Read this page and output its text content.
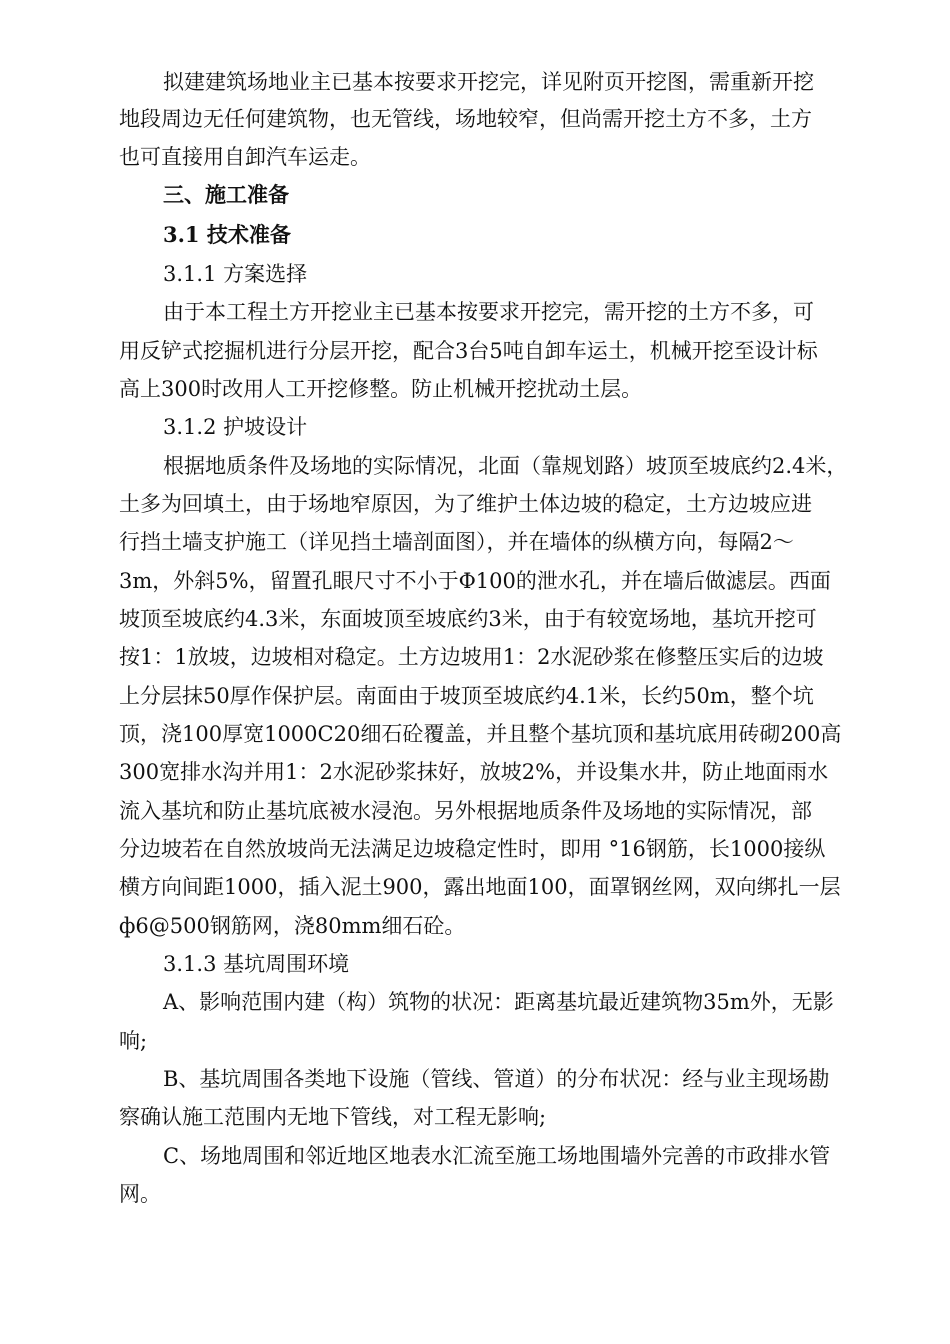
拟建建筑场地业主已基本按要求开挖完，详见附页开挖图，需重新开挖
地段周边无任何建筑物，也无管线，场地较窄，但尚需开挖土方不多，土方
也可直接用自卸汽车运走。
三、施工准备
3.1 技术准备
3.1.1 方案选择
由于本工程土方开挖业主已基本按要求开挖完，需开挖的土方不多，可
用反铲式挖掘机进行分层开挖，配合3台5吨自卸车运土，机械开挖至设计标
高上300时改用人工开挖修整。防止机械开挖扰动土层。
3.1.2 护坡设计
根据地质条件及场地的实际情况，北面（靠规划路）坡顶至坡底约2.4米，
土多为回填土，由于场地窄原因，为了维护土体边坡的稳定，土方边坡应进
行挡土墙支护施工（详见挡土墙剖面图），并在墙体的纵横方向，每隔2～
3m，外斜5%，留置孔眼尺寸不小于Φ100的泄水孔，并在墙后做滤层。西面
坡顶至坡底约4.3米，东面坡顶至坡底约3米，由于有较宽场地，基坑开挖可
按1：1放坡，边坡相对稳定。土方边坡用1：2水泥砂浆在修整压实后的边坡
上分层抹50厚作保护层。南面由于坡顶至坡底约4.1米，长约50m，整个坑
顶，浇100厚宽1000C20细石砼覆盖，并且整个基坑顶和基坑底用砖砌200高
300宽排水沟并用1：2水泥砂浆抹好，放坡2%，并设集水井，防止地面雨水
流入基坑和防止基坑底被水浸泡。另外根据地质条件及场地的实际情况，部
分边坡若在自然放坡尚无法满足边坡稳定性时，即用 °16钢筋，长1000接纵
横方向间距1000，插入泥土900，露出地面100，面罩钢丝网，双向绑扎一层
ф6@500钢筋网，浇80mm细石砼。
3.1.3 基坑周围环境
A、影响范围内建（构）筑物的状况：距离基坑最近建筑物35m外，无影
响;
B、基坑周围各类地下设施（管线、管道）的分布状况：经与业主现场勘
察确认施工范围内无地下管线，对工程无影响;
C、场地周围和邻近地区地表水汇流至施工场地围墙外完善的市政排水管
网。
